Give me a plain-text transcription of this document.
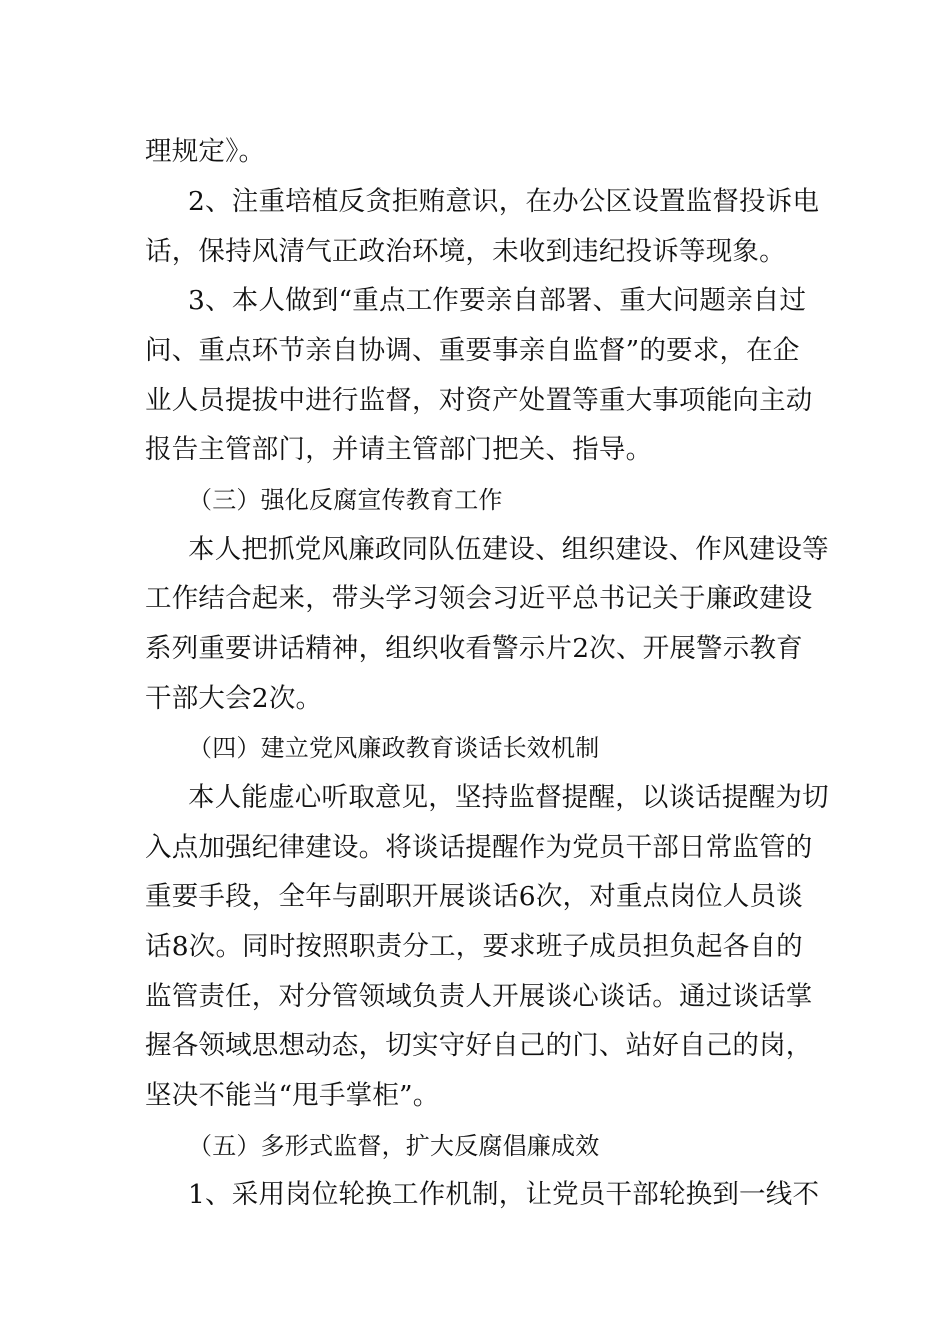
理规定》。
2、注重培植反贪拒贿意识，在办公区设置监督投诉电
话，保持风清气正政治环境，未收到违纪投诉等现象。
3、本人做到“重点工作要亲自部署、重大问题亲自过
问、重点环节亲自协调、重要事亲自监督”的要求，在企
业人员提拔中进行监督，对资产处置等重大事项能向主动
报告主管部门，并请主管部门把关、指导。
（三）强化反腐宣传教育工作
本人把抓党风廉政同队伍建设、组织建设、作风建设等
工作结合起来，带头学习领会习近平总书记关于廉政建设
系列重要讲话精神，组织收看警示片2次、开展警示教育
干部大会2次。
（四）建立党风廉政教育谈话长效机制
本人能虚心听取意见，坚持监督提醒，以谈话提醒为切
入点加强纪律建设。将谈话提醒作为党员干部日常监管的
重要手段，全年与副职开展谈话6次，对重点岗位人员谈
话8次。同时按照职责分工，要求班子成员担负起各自的
监管责任，对分管领域负责人开展谈心谈话。通过谈话掌
握各领域思想动态，切实守好自己的门、站好自己的岗，
坚决不能当“甩手掌柜”。
（五）多形式监督，扩大反腐倡廉成效
1、采用岗位轮换工作机制，让党员干部轮换到一线不
